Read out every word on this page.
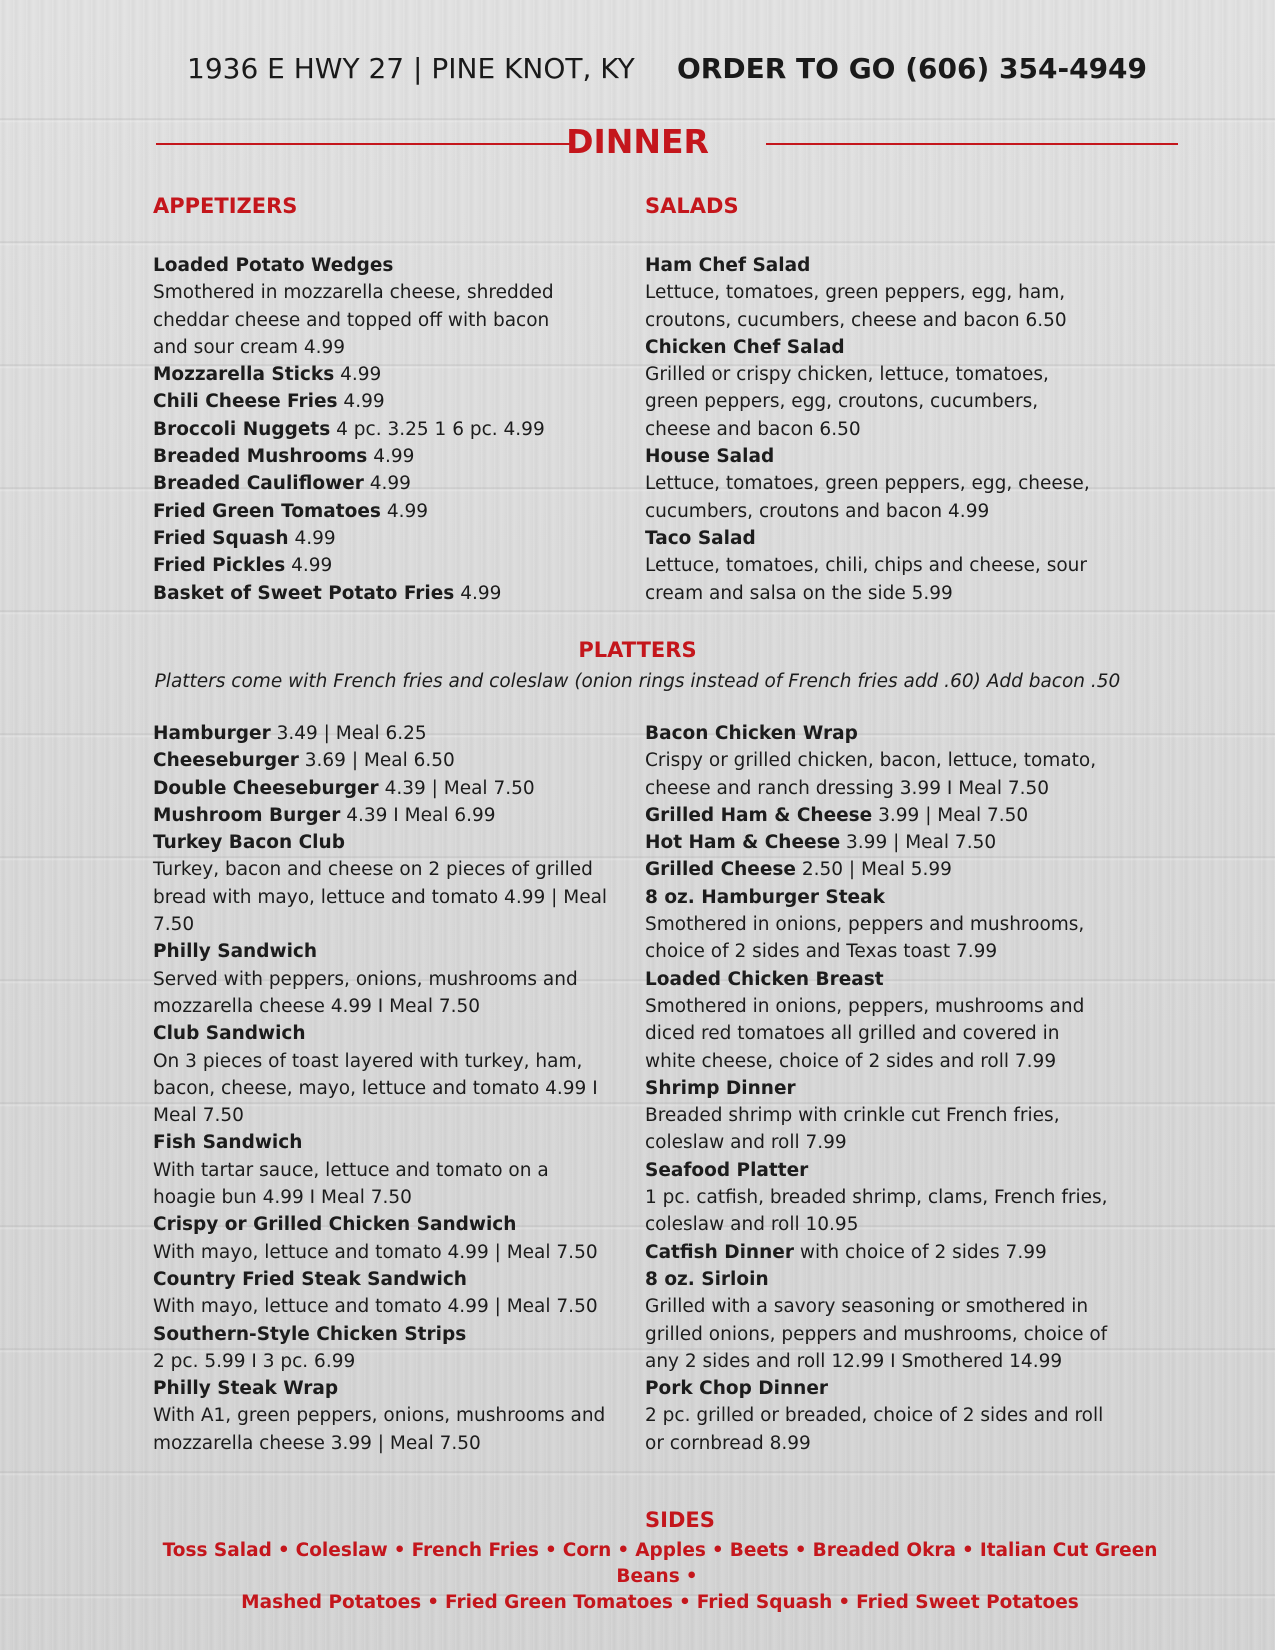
1936 E HWY 27 | PINE KNOT, KY ORDER TO GO (606) 354-4949
DINNER
APPETIZERS	SALADS

Loaded Potato Wedges
Smothered in mozzarella cheese, shredded cheddar cheese and topped off with bacon and sour cream 4.99

Mozzarella Sticks 4.99

Chili Cheese Fries 4.99

Broccoli Nuggets 4 pc. 3.25 1 6 pc. 4.99

Breaded Mushrooms 4.99

Breaded Cauliflower 4.99

Fried Green Tomatoes 4.99

Fried Squash 4.99

Fried Pickles 4.99

Basket of Sweet Potato Fries 4.99

Ham Chef Salad
Lettuce, tomatoes, green peppers, egg, ham, croutons, cucumbers, cheese and bacon 6.50

Chicken Chef Salad
Grilled or crispy chicken, lettuce, tomatoes, green peppers, egg, croutons, cucumbers, cheese and bacon 6.50

House Salad
Lettuce, tomatoes, green peppers, egg, cheese, cucumbers, croutons and bacon 4.99

Taco Salad
Lettuce, tomatoes, chili, chips and cheese, sour cream and salsa on the side 5.99

PLATTERS
Platters come with French fries and coleslaw (onion rings instead of French fries add .60) Add bacon .50

Hamburger 3.49 | Meal 6.25

Cheeseburger 3.69 | Meal 6.50

Double Cheeseburger 4.39 | Meal 7.50

Mushroom Burger 4.39 I Meal 6.99

Turkey Bacon Club
Turkey, bacon and cheese on 2 pieces of grilled bread with mayo, lettuce and tomato 4.99 | Meal 7.50

Philly Sandwich
Served with peppers, onions, mushrooms and mozzarella cheese 4.99 I Meal 7.50

Club Sandwich
On 3 pieces of toast layered with turkey, ham, bacon, cheese, mayo, lettuce and tomato 4.99 I Meal 7.50

Fish Sandwich
With tartar sauce, lettuce and tomato on a hoagie bun 4.99 I Meal 7.50

Crispy or Grilled Chicken Sandwich
With mayo, lettuce and tomato 4.99 | Meal 7.50

Country Fried Steak Sandwich
With mayo, lettuce and tomato 4.99 | Meal 7.50

Southern-Style Chicken Strips
2 pc. 5.99 I 3 pc. 6.99

Philly Steak Wrap
With A1, green peppers, onions, mushrooms and mozzarella cheese 3.99 | Meal 7.50

Bacon Chicken Wrap
Crispy or grilled chicken, bacon, lettuce, tomato, cheese and ranch dressing 3.99 I Meal 7.50

Grilled Ham & Cheese 3.99 | Meal 7.50

Hot Ham & Cheese 3.99 | Meal 7.50

Grilled Cheese 2.50 | Meal 5.99

8 oz. Hamburger Steak
Smothered in onions, peppers and mushrooms, choice of 2 sides and Texas toast 7.99

Loaded Chicken Breast
Smothered in onions, peppers, mushrooms and diced red tomatoes all grilled and covered in white cheese, choice of 2 sides and roll 7.99

Shrimp Dinner
Breaded shrimp with crinkle cut French fries, coleslaw and roll 7.99

Seafood Platter
1 pc. catfish, breaded shrimp, clams, French fries, coleslaw and roll 10.95

Catfish Dinner with choice of 2 sides 7.99

8 oz. Sirloin
Grilled with a savory seasoning or smothered in grilled onions, peppers and mushrooms, choice of any 2 sides and roll 12.99 I Smothered 14.99

Pork Chop Dinner
2 pc. grilled or breaded, choice of 2 sides and roll or cornbread 8.99

SIDES
Toss Salad • Coleslaw • French Fries • Corn • Apples • Beets • Breaded Okra • Italian Cut Green Beans •
Mashed Potatoes • Fried Green Tomatoes • Fried Squash • Fried Sweet Potatoes
